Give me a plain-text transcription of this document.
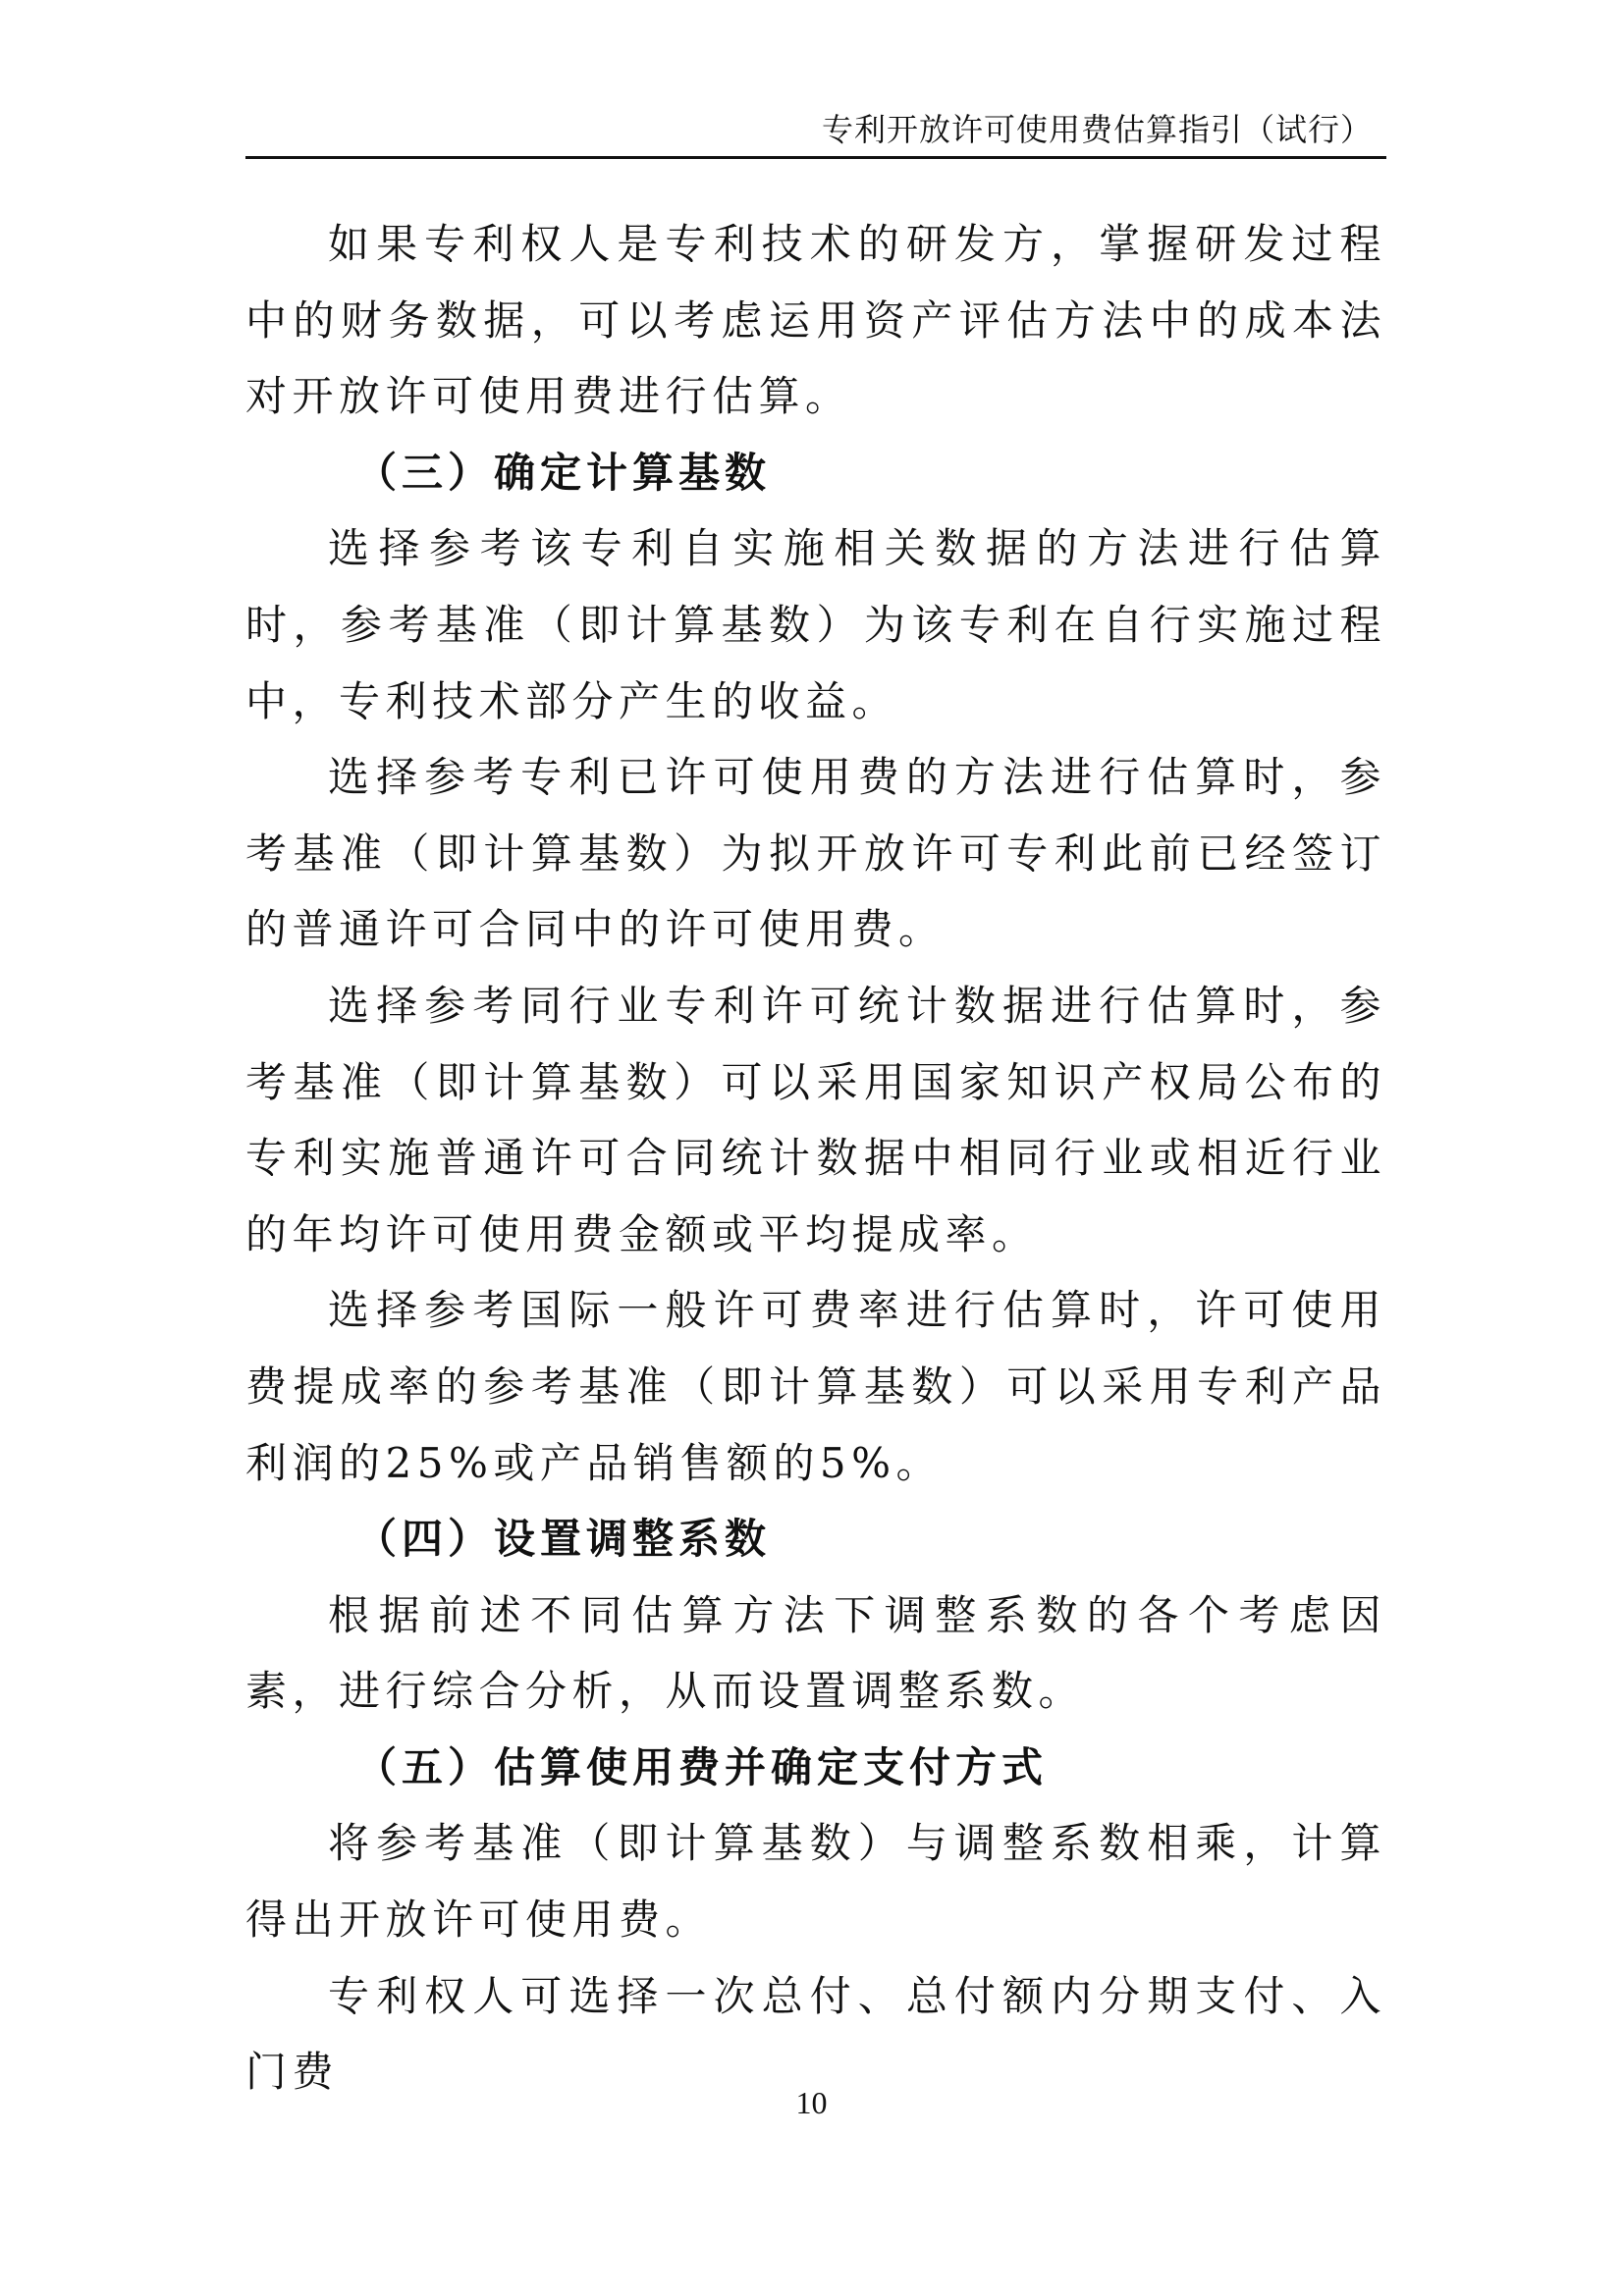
专利开放许可使用费估算指引（试行）

如果专利权人是专利技术的研发方，掌握研发过程中的财务数据，可以考虑运用资产评估方法中的成本法对开放许可使用费进行估算。

（三）确定计算基数

选择参考该专利自实施相关数据的方法进行估算时，参考基准（即计算基数）为该专利在自行实施过程中，专利技术部分产生的收益。

选择参考专利已许可使用费的方法进行估算时，参考基准（即计算基数）为拟开放许可专利此前已经签订的普通许可合同中的许可使用费。

选择参考同行业专利许可统计数据进行估算时，参考基准（即计算基数）可以采用国家知识产权局公布的专利实施普通许可合同统计数据中相同行业或相近行业的年均许可使用费金额或平均提成率。

选择参考国际一般许可费率进行估算时，许可使用费提成率的参考基准（即计算基数）可以采用专利产品利润的25%或产品销售额的5%。

（四）设置调整系数

根据前述不同估算方法下调整系数的各个考虑因素，进行综合分析，从而设置调整系数。

（五）估算使用费并确定支付方式

将参考基准（即计算基数）与调整系数相乘，计算得出开放许可使用费。

专利权人可选择一次总付、总付额内分期支付、入门费

10
